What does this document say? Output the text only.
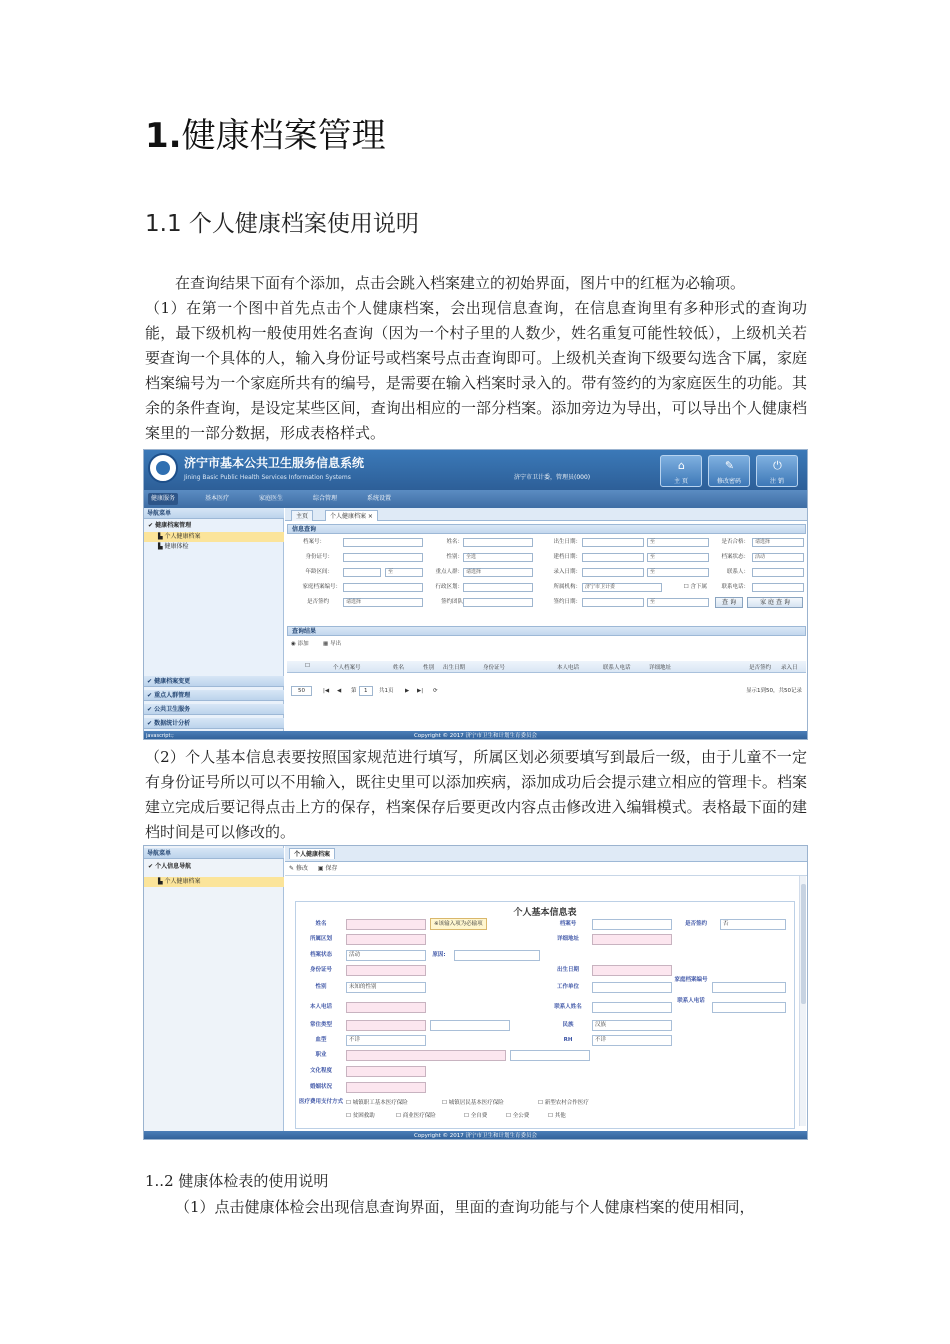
1.健康档案管理
1.1 个人健康档案使用说明

在查询结果下面有个添加，点击会跳入档案建立的初始界面，图片中的红框为必输项。

（1）在第一个图中首先点击个人健康档案，会出现信息查询，在信息查询里有多种形式的查询功能，最下级机构一般使用姓名查询（因为一个村子里的人数少，姓名重复可能性较低），上级机关若要查询一个具体的人，输入身份证号或档案号点击查询即可。上级机关查询下级要勾选含下属，家庭档案编号为一个家庭所共有的编号，是需要在输入档案时录入的。带有签约的为家庭医生的功能。其余的条件查询，是设定某些区间，查询出相应的一部分档案。添加旁边为导出，可以导出个人健康档案里的一部分数据，形成表格样式。

济宁市基本公共卫生服务信息系统
Jining Basic Public Health Services Information Systems	济宁市卫计委，管理员(000)
⌂
主 页
✎
修改密码
⏻
注 销
健康服务	基本医疗	家庭医生	综合管理	系统设置
导航菜单
✔ 健康档案管理
▙ 个人健康档案
▙ 健康体检
✔ 健康档案变更
✔ 重点人群管理
✔ 公共卫生服务
✔ 数据统计分析
主页	个人健康档案 ×
信息查询
档案号：	姓名：	出生日期：	至	是否合格：	请选择
身份证号：	性别： 全选	建档日期：	至	档案状态：	活动
年龄区间：	至	重点人群： 请选择	录入日期：	至	联系人：
家庭档案编号：	行政区划：	所属机构： 济宁市卫计委	☐ 含下属	联系电话：
是否签约	请选择	签约团队	签约日期：	至	查 询	家 庭 查 询
查询结果
◉ 添加	▦ 导出
☐	个人档案号	姓名	性别 出生日期	身份证号	本人电话	联系人电话	详细地址	是否签约 录入日
50	|◀ ◀ 第	1	共1页 ▶ ▶| ⟳	显示1到50，共50记录
Copyright © 2017 济宁市卫生和计划生育委员会
javascript:;
（2）个人基本信息表要按照国家规范进行填写，所属区划必须要填写到最后一级，由于儿童不一定有身份证号所以可以不用输入，既往史里可以添加疾病，添加成功后会提示建立相应的管理卡。档案建立完成后要记得点击上方的保存，档案保存后要更改内容点击修改进入编辑模式。表格最下面的建档时间是可以修改的。
导航菜单
✔ 个人信息导航
▙ 个人健康档案
个人健康档案
✎ 修改 ▣ 保存
个人基本信息表
姓名	※该输入项为必输项	档案号	是否签约	否
所属区划	详细地址
档案状态	活动	原因:
身份证号	出生日期
性别	未知的性别	工作单位
家庭档案编号
本人电话	联系人姓名
联系人电话
常住类型	民族	汉族
血型	不详	RH	不详
职业
文化程度
婚姻状况
医疗费用支付方式 ☐ 城镇职工基本医疗保险	☐ 城镇居民基本医疗保险	☐ 新型农村合作医疗
☐ 贫困救助	☐ 商业医疗保险	☐ 全自费	☐ 全公费	☐ 其他
Copyright © 2017 济宁市卫生和计划生育委员会
1..2 健康体检表的使用说明
（1）点击健康体检会出现信息查询界面，里面的查询功能与个人健康档案的使用相同，
